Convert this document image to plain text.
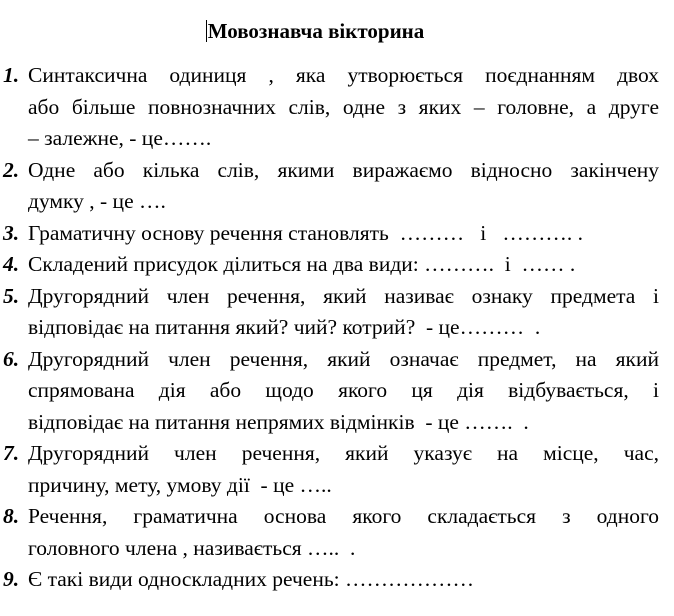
Мовознавча вікторина
1. Синтаксична одиниця , яка утворюється поєднанням двох
або більше повнозначних слів, одне з яких – головне, а друге
– залежне, - це…….
2. Одне або кілька слів, якими виражаємо відносно закінчену
думку , - це ….
3. Граматичну основу речення становлять  ………   і   ………. .
4. Складений присудок ділиться на два види: ……….  і  …… .
5. Другорядний член речення, який називає ознаку предмета і
відповідає на питання який? чий? котрий?  - це………  .
6. Другорядний член речення, який означає предмет, на який
спрямована дія або щодо якого ця дія відбувається, і
відповідає на питання непрямих відмінків  - це …….  .
7. Другорядний член речення, який указує на місце, час,
причину, мету, умову дії  - це …..
8. Речення, граматична основа якого складається з одного
головного члена , називається …..  .
9. Є такі види односкладних речень: ………………
